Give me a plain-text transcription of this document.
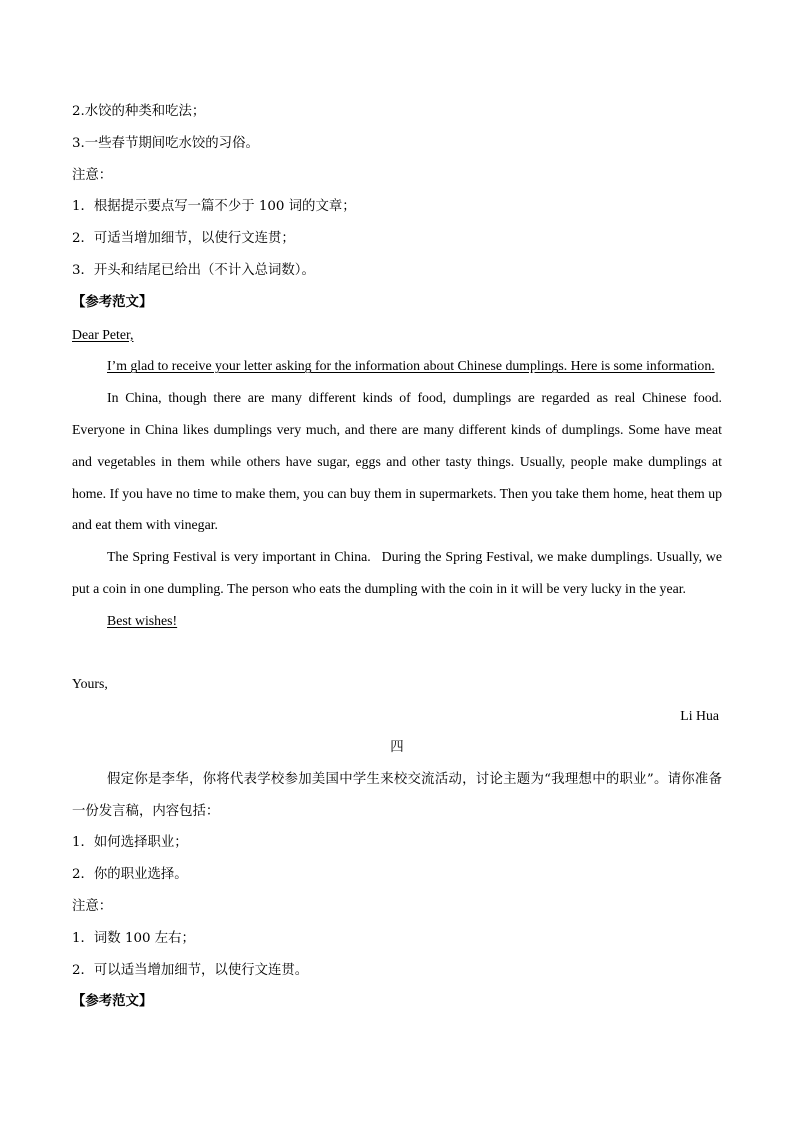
2.水饺的种类和吃法；

3.一些春节期间吃水饺的习俗。

注意：

1．根据提示要点写一篇不少于 100 词的文章；

2．可适当增加细节，以使行文连贯；

3．开头和结尾已给出（不计入总词数）。

【参考范文】

Dear Peter,

I’m glad to receive your letter asking for the information about Chinese dumplings. Here is some information.

In China, though there are many different kinds of food, dumplings are regarded as real Chinese food. Everyone in China likes dumplings very much, and there are many different kinds of dumplings. Some have meat and vegetables in them while others have sugar, eggs and other tasty things. Usually, people make dumplings at home. If you have no time to make them, you can buy them in supermarkets. Then you take them home, heat them up and eat them with vinegar.

The Spring Festival is very important in China. During the Spring Festival, we make dumplings. Usually, we put a coin in one dumpling. The person who eats the dumpling with the coin in it will be very lucky in the year.

Best wishes!

Yours,

Li Hua

四

假定你是李华，你将代表学校参加美国中学生来校交流活动，讨论主题为“我理想中的职业”。请你准备一份发言稿，内容包括：

1．如何选择职业；

2．你的职业选择。

注意：

1．词数 100 左右；

2．可以适当增加细节，以使行文连贯。

【参考范文】
